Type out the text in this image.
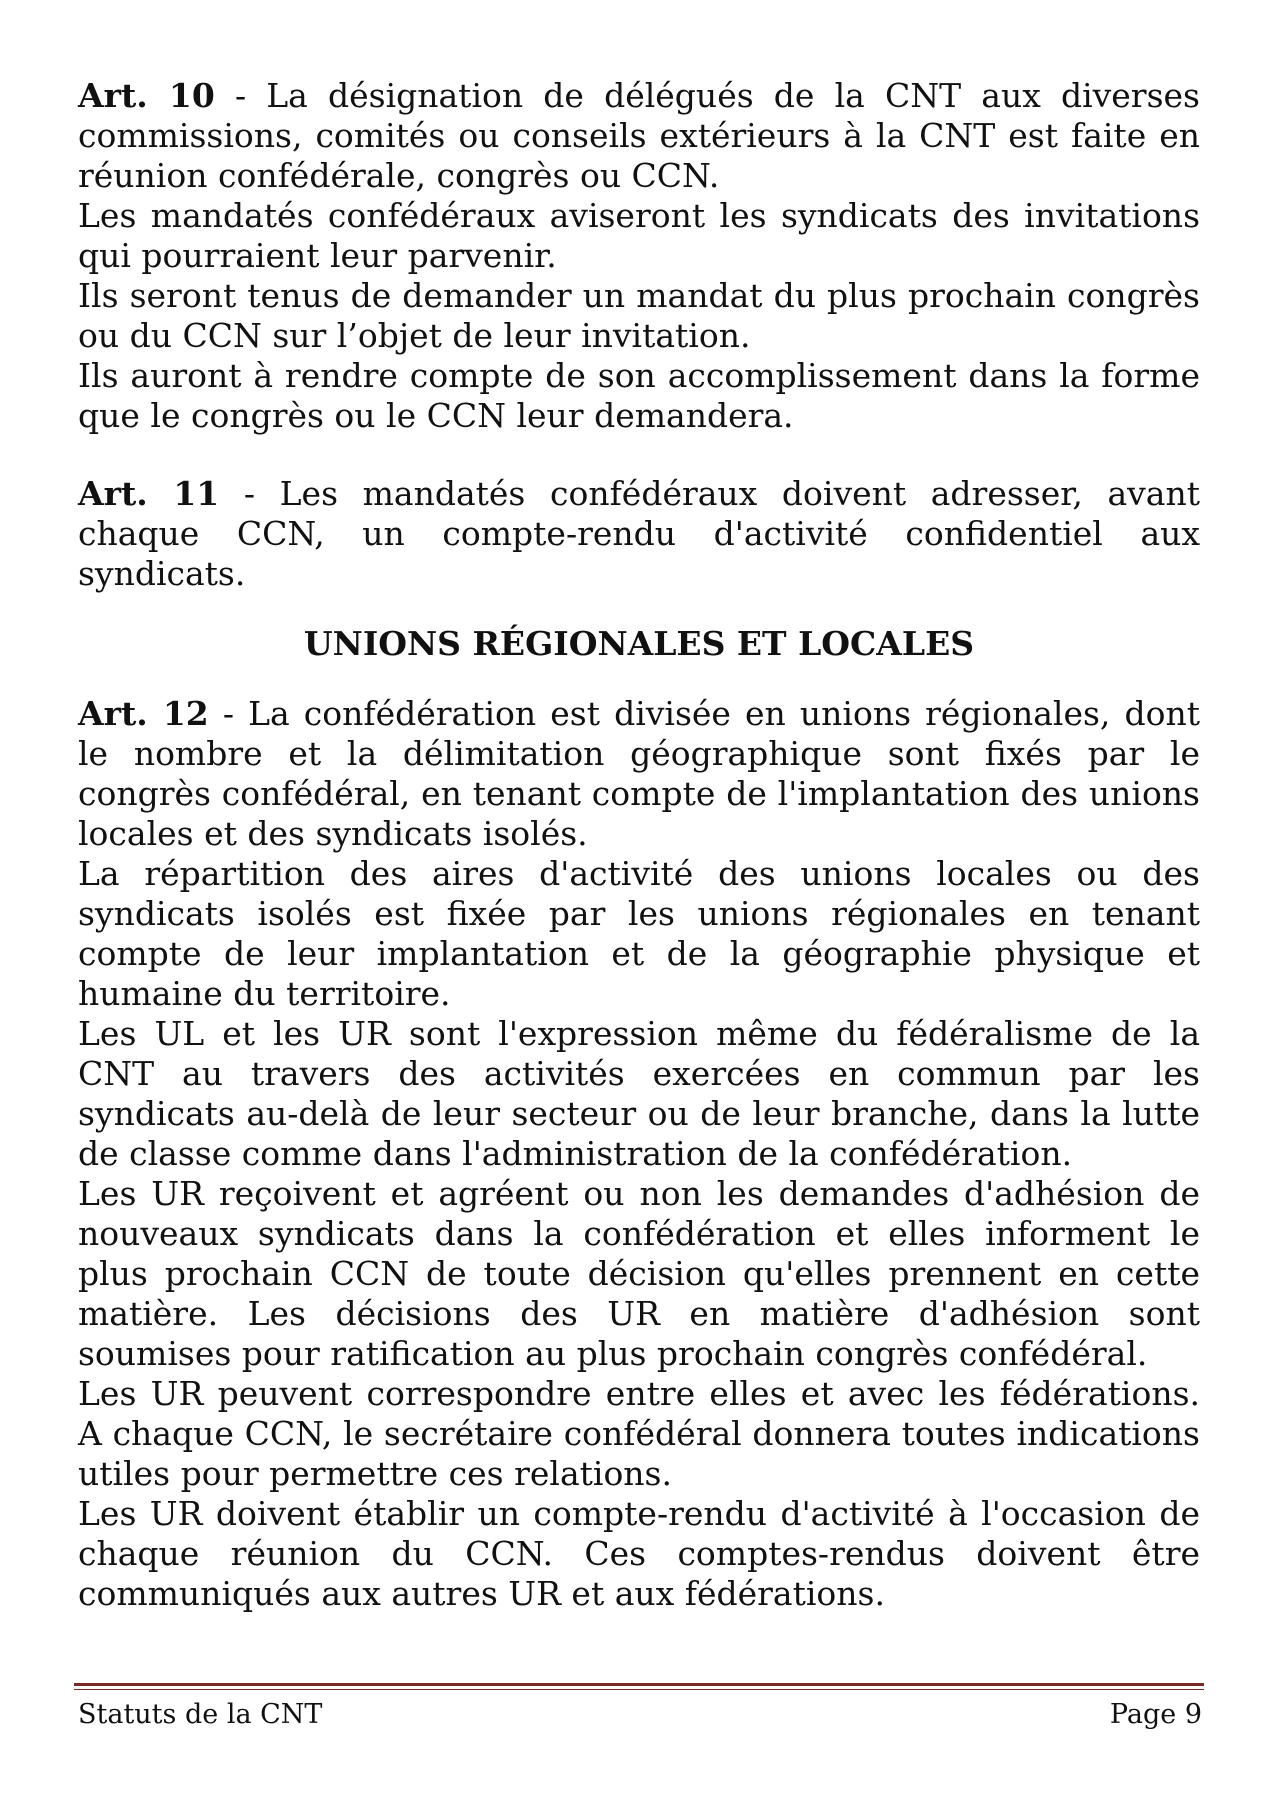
Art. 10 - La désignation de délégués de la CNT aux diverses commissions, comités ou conseils extérieurs à la CNT est faite en réunion confédérale, congrès ou CCN.

Les mandatés confédéraux aviseront les syndicats des invitations qui pourraient leur parvenir.

Ils seront tenus de demander un mandat du plus prochain congrès ou du CCN sur l’objet de leur invitation.

Ils auront à rendre compte de son accomplissement dans la forme que le congrès ou le CCN leur demandera.

Art. 11 - Les mandatés confédéraux doivent adresser, avant chaque CCN, un compte-rendu d'activité confidentiel aux syndicats.

UNIONS RÉGIONALES ET LOCALES

Art. 12 - La confédération est divisée en unions régionales, dont le nombre et la délimitation géographique sont fixés par le congrès confédéral, en tenant compte de l'implantation des unions locales et des syndicats isolés.

La répartition des aires d'activité des unions locales ou des syndicats isolés est fixée par les unions régionales en tenant compte de leur implantation et de la géographie physique et humaine du territoire.

Les UL et les UR sont l'expression même du fédéralisme de la CNT au travers des activités exercées en commun par les syndicats au-delà de leur secteur ou de leur branche, dans la lutte de classe comme dans l'administration de la confédération.

Les UR reçoivent et agréent ou non les demandes d'adhésion de nouveaux syndicats dans la confédération et elles informent le plus prochain CCN de toute décision qu'elles prennent en cette matière. Les décisions des UR en matière d'adhésion sont soumises pour ratification au plus prochain congrès confédéral.

Les UR peuvent correspondre entre elles et avec les fédérations. A chaque CCN, le secrétaire confédéral donnera toutes indications utiles pour permettre ces relations.

Les UR doivent établir un compte-rendu d'activité à l'occasion de chaque réunion du CCN. Ces comptes-rendus doivent être communiqués aux autres UR et aux fédérations.

Statuts de la CNT	Page 9
